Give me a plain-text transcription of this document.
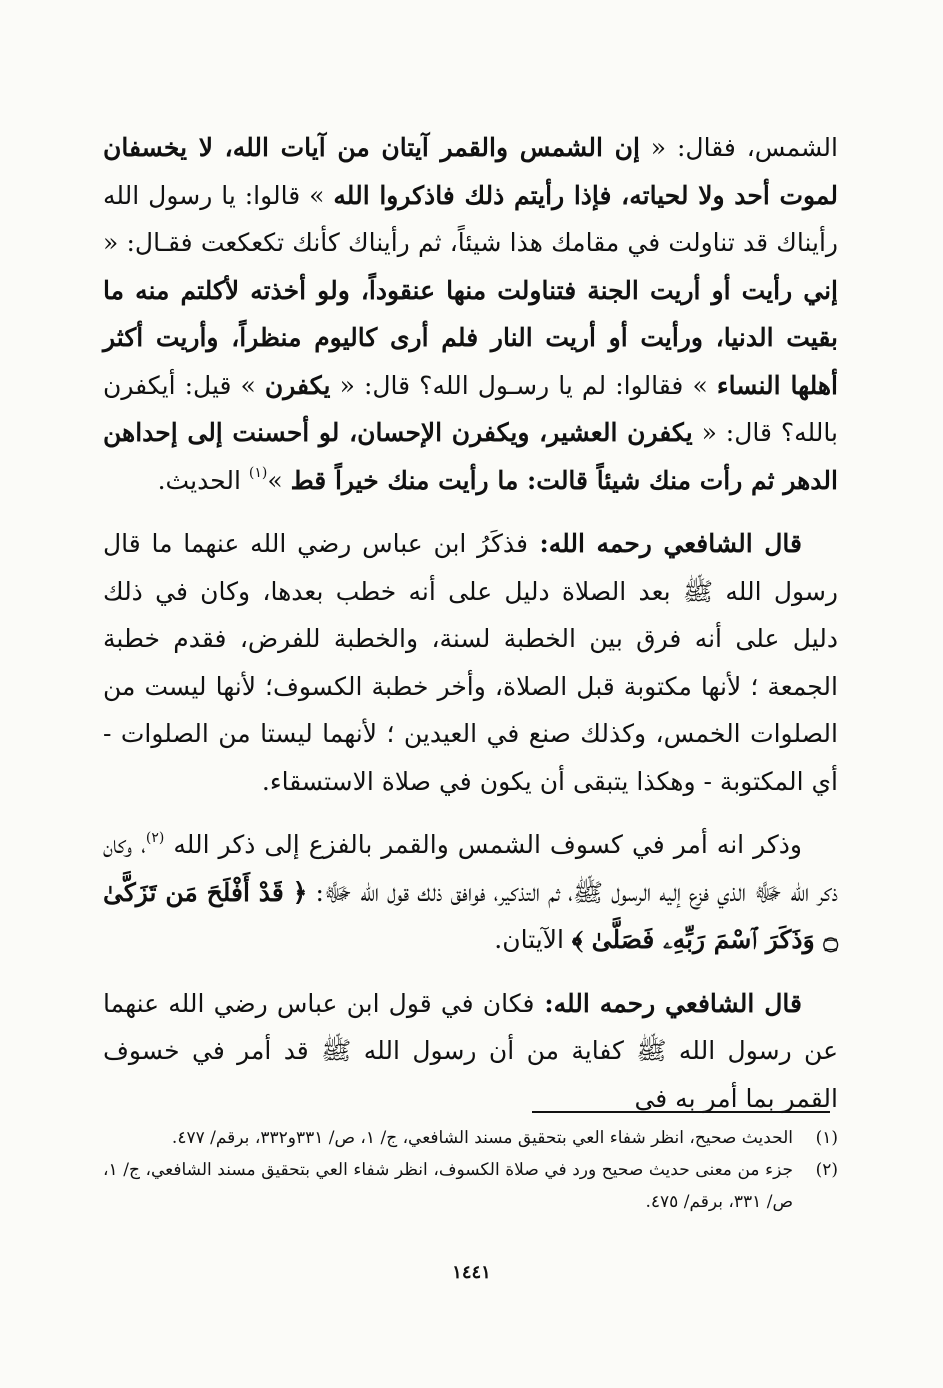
الشمس، فقال: « إن الشمس والقمر آيتان من آيات الله، لا يخسفان لموت أحد ولا لحياته، فإذا رأيتم ذلك فاذكروا الله » قالوا: يا رسول الله رأيناك قد تناولت في مقامك هذا شيئاً، ثم رأيناك كأنك تكعكعت فقـال: « إني رأيت أو أريت الجنة فتناولت منها عنقوداً، ولو أخذته لأكلتم منه ما بقيت الدنيا، ورأيت أو أريت النار فلم أرى كاليوم منظراً، وأريت أكثر أهلها النساء » فقالوا: لم يا رسـول الله؟ قال: « يكفرن » قيل: أيكفرن بالله؟ قال: « يكفرن العشير، ويكفرن الإحسان، لو أحسنت إلى إحداهن الدهر ثم رأت منك شيئاً قالت: ما رأيت منك خيراً قط »$^{(١)}$ الحديث.

قال الشافعي رحمه الله: فذكَرُ ابن عباس رضي الله عنهما ما قال رسول الله ﷺ بعد الصلاة دليل على أنه خطب بعدها، وكان في ذلك دليل على أنه فرق بين الخطبة لسنة، والخطبة للفرض، فقدم خطبة الجمعة ؛ لأنها مكتوبة قبل الصلاة، وأخر خطبة الكسوف؛ لأنها ليست من الصلوات الخمس، وكذلك صنع في العيدين ؛ لأنهما ليستا من الصلوات - أي المكتوبة - وهكذا يتبقى أن يكون في صلاة الاستسقاء.

وذكر انه أمر في كسوف الشمس والقمر بالفزع إلى ذكر الله $^{(٢)}$، وكان ذكر الله ﷻ الذي فزع إليه الرسول ﷺ، ثم التذكير، فوافق ذلك قول الله ﷻ: ﴿ قَدْ أَفْلَحَ مَن تَزَكَّىٰ ۝ وَذَكَرَ ٱسْمَ رَبِّهِۦ فَصَلَّىٰ ﴾ الآيتان.

قال الشافعي رحمه الله: فكان في قول ابن عباس رضي الله عنهما عن رسول الله ﷺ كفاية من أن رسول الله ﷺ قد أمر في خسوف القمر بما أمر به في

(١)
الحديث صحيح، انظر شفاء العي بتحقيق مسند الشافعي، ج/ ١، ص/ ٣٣١و٣٣٢، برقم/ ٤٧٧.
(٢)
جزء من معنى حديث صحيح ورد في صلاة الكسوف، انظر شفاء العي بتحقيق مسند الشافعي، ج/ ١، ص/ ٣٣١، برقم/ ٤٧٥.
١٤٤١
